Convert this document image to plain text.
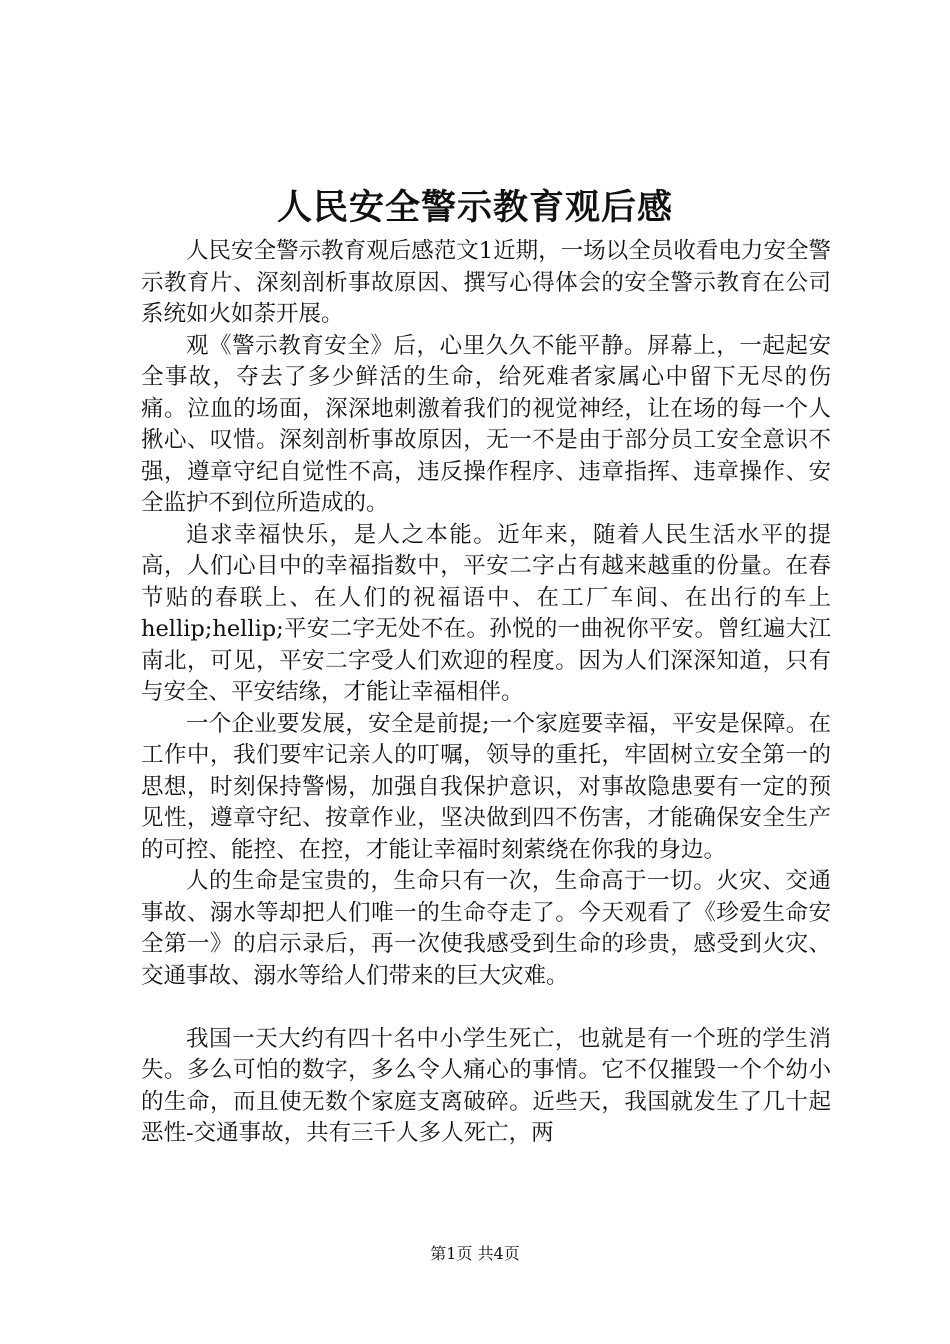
人民安全警示教育观后感

人民安全警示教育观后感范文1近期，一场以全员收看电力安全警示教育片、深刻剖析事故原因、撰写心得体会的安全警示教育在公司系统如火如荼开展。

观《警示教育安全》后，心里久久不能平静。屏幕上，一起起安全事故，夺去了多少鲜活的生命，给死难者家属心中留下无尽的伤痛。泣血的场面，深深地刺激着我们的视觉神经，让在场的每一个人揪心、叹惜。深刻剖析事故原因，无一不是由于部分员工安全意识不强，遵章守纪自觉性不高，违反操作程序、违章指挥、违章操作、安全监护不到位所造成的。

追求幸福快乐，是人之本能。近年来，随着人民生活水平的提高，人们心目中的幸福指数中，平安二字占有越来越重的份量。在春节贴的春联上、在人们的祝福语中、在工厂车间、在出行的车上hellip;hellip;平安二字无处不在。孙悦的一曲祝你平安。曾红遍大江南北，可见，平安二字受人们欢迎的程度。因为人们深深知道，只有与安全、平安结缘，才能让幸福相伴。

一个企业要发展，安全是前提;一个家庭要幸福，平安是保障。在工作中，我们要牢记亲人的叮嘱，领导的重托，牢固树立安全第一的思想，时刻保持警惕，加强自我保护意识，对事故隐患要有一定的预见性，遵章守纪、按章作业，坚决做到四不伤害，才能确保安全生产的可控、能控、在控，才能让幸福时刻萦绕在你我的身边。

人的生命是宝贵的，生命只有一次，生命高于一切。火灾、交通事故、溺水等却把人们唯一的生命夺走了。今天观看了《珍爱生命安全第一》的启示录后，再一次使我感受到生命的珍贵，感受到火灾、交通事故、溺水等给人们带来的巨大灾难。

我国一天大约有四十名中小学生死亡，也就是有一个班的学生消失。多么可怕的数字，多么令人痛心的事情。它不仅摧毁一个个幼小的生命，而且使无数个家庭支离破碎。近些天，我国就发生了几十起恶性-交通事故，共有三千人多人死亡，两

第1页 共4页
